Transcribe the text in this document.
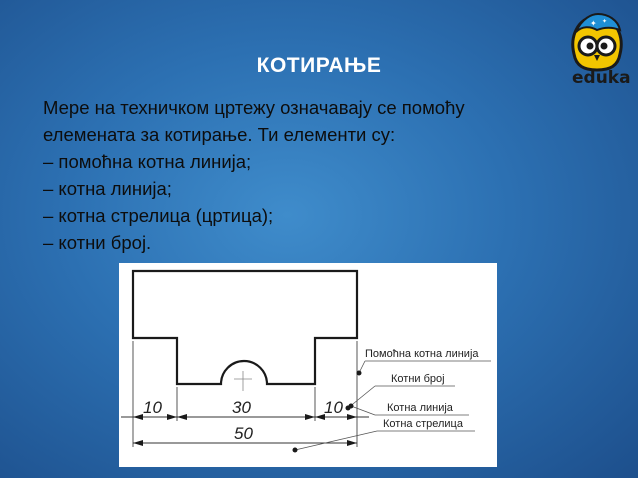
КОТИРАЊЕ
✦ ✦
eduka
Мере на техничком цртежу означавају се помоћу
елемената за котирање. Ти елементи су:
– помоћна котна линија;
– котна линија;
– котна стрелица (цртица);
– котни број.
10	30	10
50
Помоћна котна линија
Котни број
Котна линија
Котна стрелица
